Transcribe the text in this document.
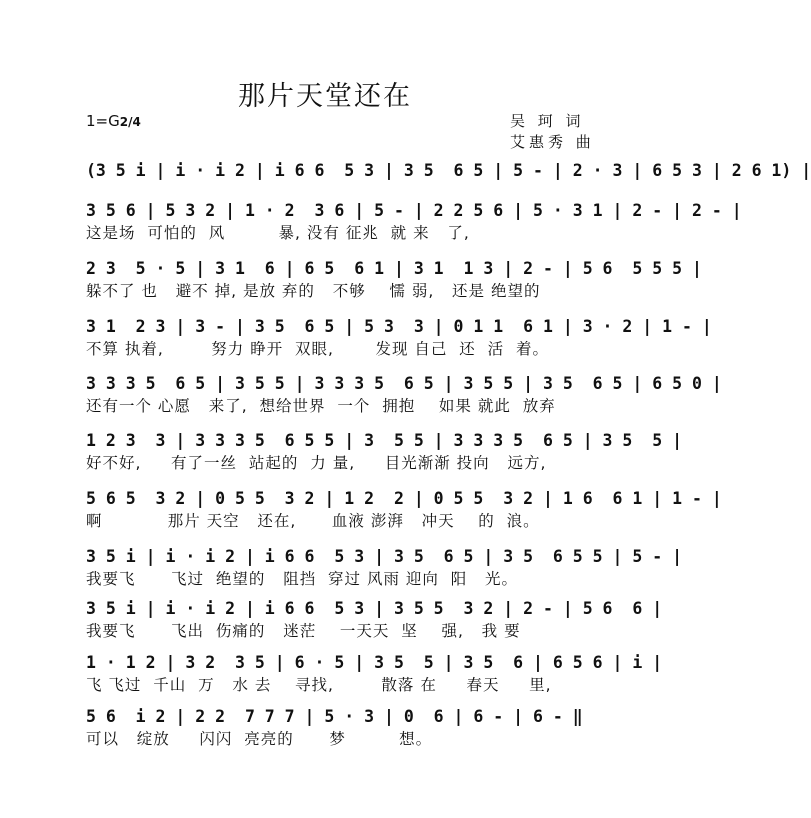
那片天堂还在
1=G2/4	吴 珂 词
艾惠秀 曲
(3 5 i | i · i 2 | i 6 6  5 3 | 3 5  6 5 | 5 - | 2 · 3 | 6 5 3 | 2 6 1) |
3 5 6 | 5 3 2 | 1 · 2  3 6 | 5 - | 2 2 5 6 | 5 · 3 1 | 2 - | 2 - |
这是场  可怕的  风         暴, 没有 征兆  就 来   了,
2 3  5 · 5 | 3 1  6 | 6 5  6 1 | 3 1  1 3 | 2 - | 5 6  5 5 5 |
躲不了 也   避不 掉, 是放 弃的   不够    懦 弱,   还是 绝望的
3 1  2 3 | 3 - | 3 5  6 5 | 5 3  3 | 0 1 1  6 1 | 3 · 2 | 1 - |
不算 执着,        努力 睁开  双眼,       发现 自己  还  活  着。
3 3 3 5  6 5 | 3 5 5 | 3 3 3 5  6 5 | 3 5 5 | 3 5  6 5 | 6 5 0 |
还有一个 心愿   来了,  想给世界  一个  拥抱    如果 就此  放弃
1 2 3  3 | 3 3 3 5  6 5 5 | 3  5 5 | 3 3 3 5  6 5 | 3 5  5 |
好不好,     有了一丝  站起的  力 量,     目光渐渐 投向   远方,
5 6 5  3 2 | 0 5 5  3 2 | 1 2  2 | 0 5 5  3 2 | 1 6  6 1 | 1 - |
啊           那片 天空   还在,      血液 澎湃   冲天    的  浪。
3 5 i | i · i 2 | i 6 6  5 3 | 3 5  6 5 | 3 5  6 5 5 | 5 - |
我要飞      飞过  绝望的   阻挡  穿过 风雨 迎向  阳   光。
3 5 i | i · i 2 | i 6 6  5 3 | 3 5 5  3 2 | 2 - | 5 6  6 |
我要飞      飞出  伤痛的   迷茫    一天天  坚    强,   我 要
1 · 1 2 | 3 2  3 5 | 6 · 5 | 3 5  5 | 3 5  6 | 6 5 6 | i |
飞 飞过  千山  万   水 去    寻找,        散落 在     春天     里,
5 6  i 2 | 2 2  7 7 7 | 5 · 3 | 0  6 | 6 - | 6 - ‖
可以   绽放     闪闪  亮亮的      梦         想。
